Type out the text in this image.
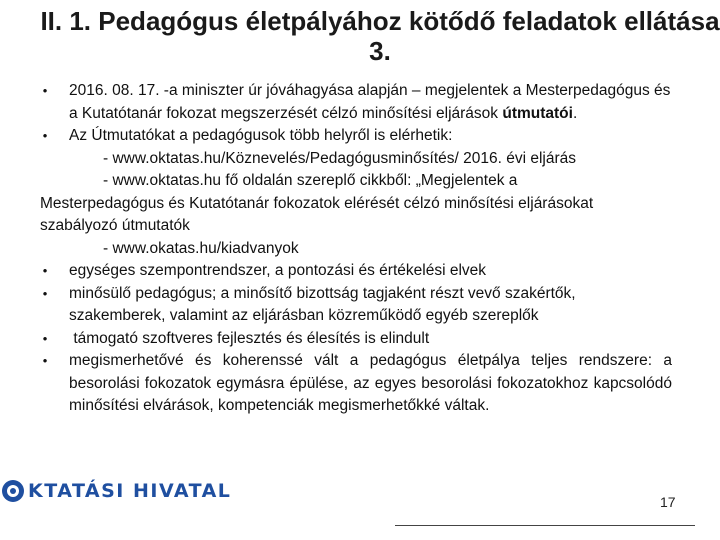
II. 1. Pedagógus életpályához kötődő feladatok ellátása 3.
• 2016. 08. 17. -a miniszter úr jóváhagyása alapján – megjelentek a Mesterpedagógus és a Kutatótanár fokozat megszerzését célzó minősítési eljárások útmutatói.
• Az Útmutatókat a pedagógusok több helyről is elérhetik:
- www.oktatas.hu/Köznevelés/Pedagógusminősítés/ 2016. évi eljárás
- www.oktatas.hu fő oldalán szereplő cikkből: „Megjelentek a
Mesterpedagógus és Kutatótanár fokozatok elérését célzó minősítési eljárásokat szabályozó útmutatók
- www.okatas.hu/kiadvanyok
• egységes szempontrendszer, a pontozási és értékelési elvek
• minősülő pedagógus; a minősítő bizottság tagjaként részt vevő szakértők, szakemberek, valamint az eljárásban közreműködő egyéb szereplők
• támogató szoftveres fejlesztés és élesítés is elindult
• megismerhetővé és koherenssé vált a pedagógus életpálya teljes rendszere: a besorolási fokozatok egymásra épülése, az egyes besorolási fokozatokhoz kapcsolódó minősítési elvárások, kompetenciák megismerhetőkké váltak.
KTATÁSI HIVATAL	17
